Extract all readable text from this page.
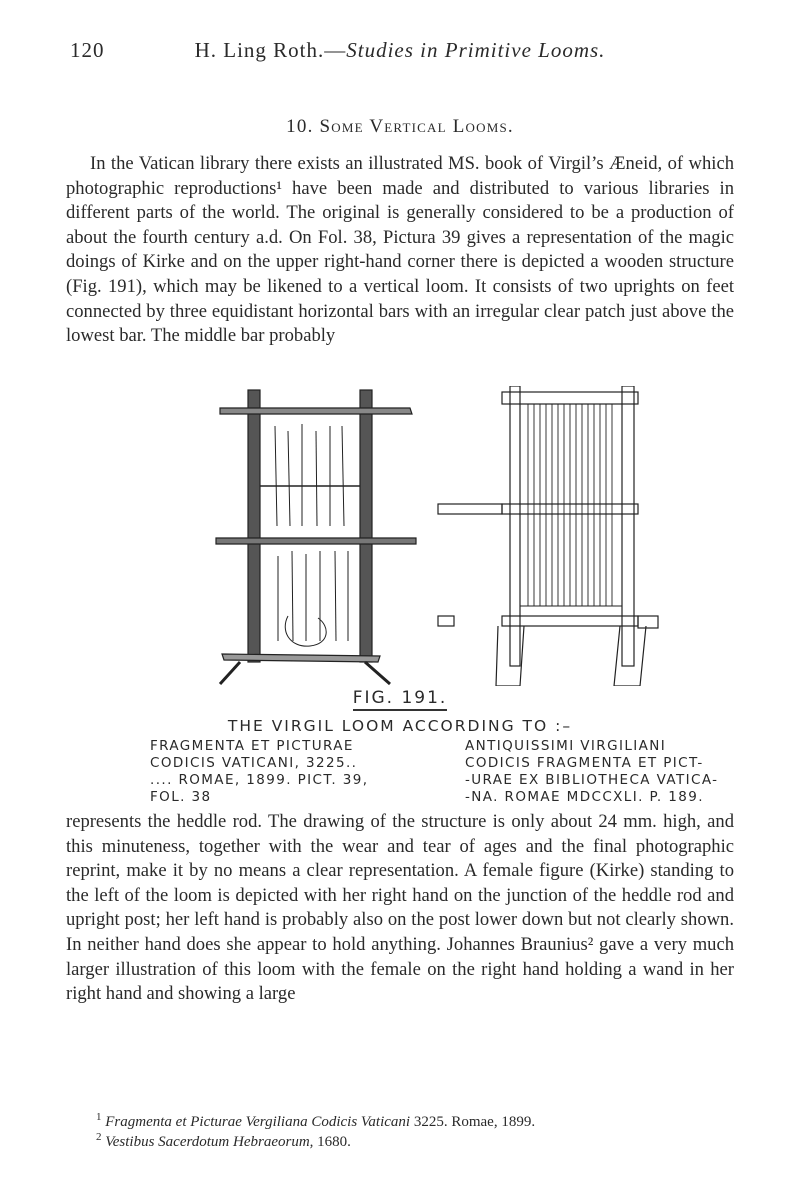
120	H. Ling Roth.—Studies in Primitive Looms.
10. Some Vertical Looms.

In the Vatican library there exists an illustrated MS. book of Virgil’s Æneid, of which photographic reproductions¹ have been made and distributed to various libraries in different parts of the world. The original is generally considered to be a production of about the fourth century a.d. On Fol. 38, Pictura 39 gives a representation of the magic doings of Kirke and on the upper right-hand corner there is depicted a wooden structure (Fig. 191), which may be likened to a vertical loom. It consists of two uprights on feet connected by three equidistant horizontal bars with an irregular clear patch just above the lowest bar. The middle bar probably

FIG. 191.
THE VIRGIL LOOM ACCORDING TO :–
FRAGMENTA ET PICTURAE
CODICIS VATICANI, 3225..
.... ROMAE, 1899. PICT. 39,
FOL. 38
ANTIQUISSIMI VIRGILIANI
CODICIS FRAGMENTA ET PICT-
-URAE EX BIBLIOTHECA VATICA-
-NA. ROMAE MDCCXLI. P. 189.

represents the heddle rod. The drawing of the structure is only about 24 mm. high, and this minuteness, together with the wear and tear of ages and the final photographic reprint, make it by no means a clear representation. A female figure (Kirke) standing to the left of the loom is depicted with her right hand on the junction of the heddle rod and upright post; her left hand is probably also on the post lower down but not clearly shown. In neither hand does she appear to hold anything. Johannes Braunius² gave a very much larger illustration of this loom with the female on the right hand holding a wand in her right hand and showing a large

$^1$ Fragmenta et Picturae Vergiliana Codicis Vaticani 3225. Romae, 1899.
$^2$ Vestibus Sacerdotum Hebraeorum, 1680.
